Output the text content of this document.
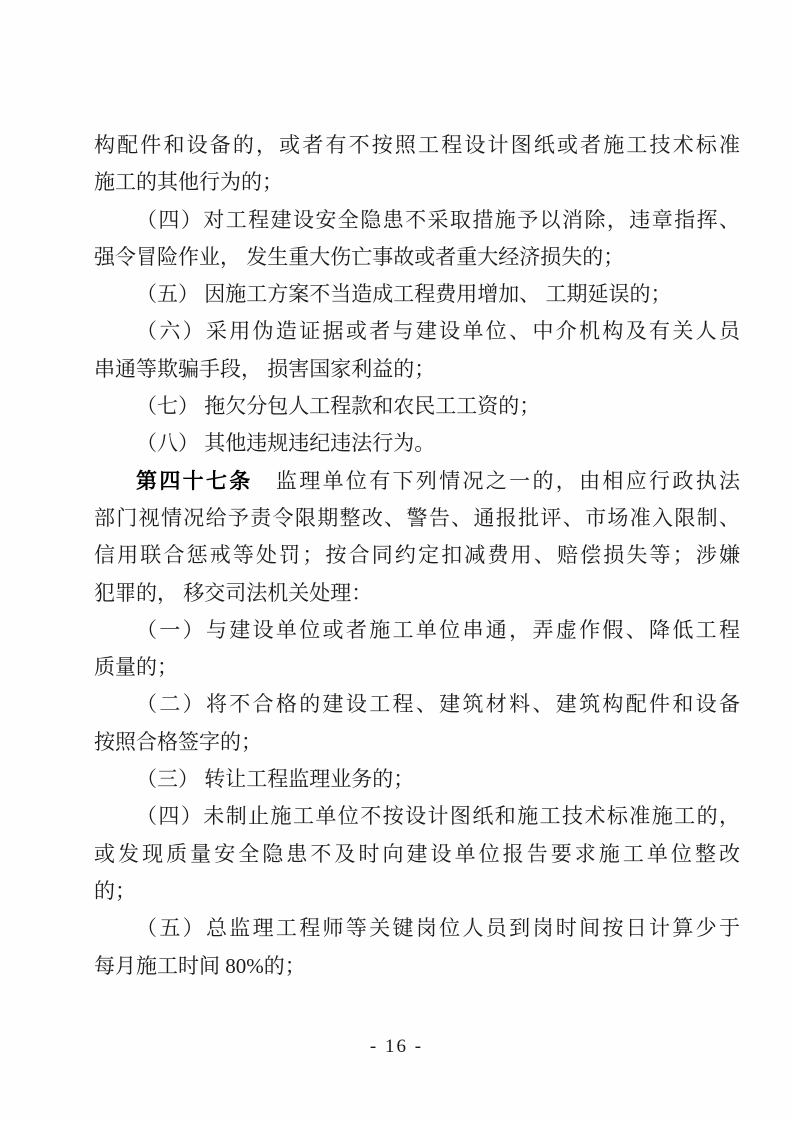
构配件和设备的，或者有不按照工程设计图纸或者施工技术标准
施工的其他行为的；
（四）对工程建设安全隐患不采取措施予以消除，违章指挥、
强令冒险作业， 发生重大伤亡事故或者重大经济损失的；
（五） 因施工方案不当造成工程费用增加、 工期延误的；
（六）采用伪造证据或者与建设单位、中介机构及有关人员
串通等欺骗手段， 损害国家利益的；
（七） 拖欠分包人工程款和农民工工资的；
（八） 其他违规违纪违法行为。
第四十七条　监理单位有下列情况之一的，由相应行政执法
部门视情况给予责令限期整改、警告、通报批评、市场准入限制、
信用联合惩戒等处罚；按合同约定扣减费用、赔偿损失等；涉嫌
犯罪的， 移交司法机关处理：
（一）与建设单位或者施工单位串通，弄虚作假、降低工程
质量的；
（二）将不合格的建设工程、建筑材料、建筑构配件和设备
按照合格签字的；
（三） 转让工程监理业务的；
（四）未制止施工单位不按设计图纸和施工技术标准施工的，
或发现质量安全隐患不及时向建设单位报告要求施工单位整改
的；
（五）总监理工程师等关键岗位人员到岗时间按日计算少于
每月施工时间 80%的；
- 16 -
